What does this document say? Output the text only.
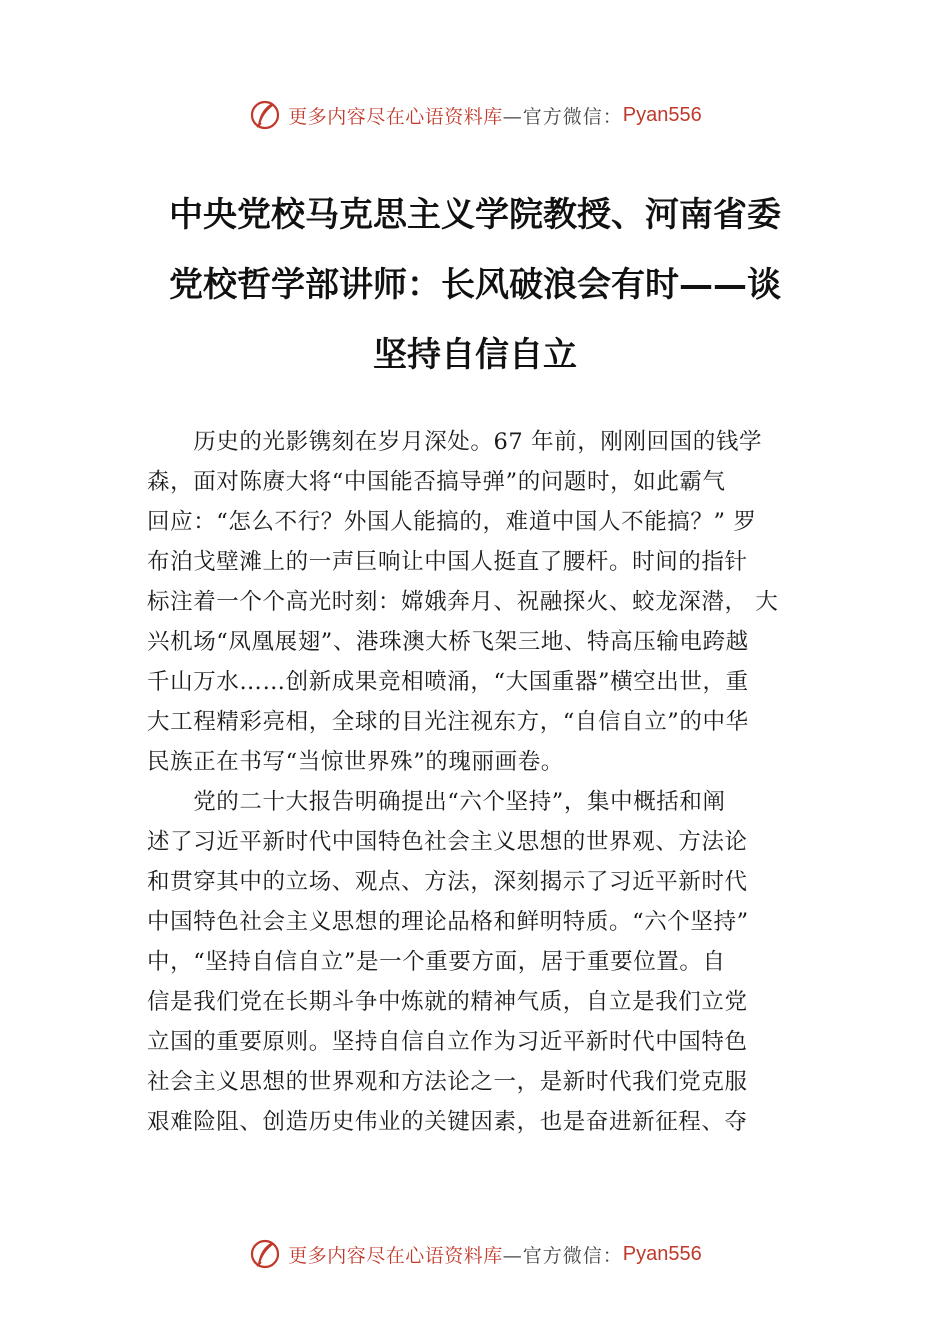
更多内容尽在心语资料库 —官方微信： Pyan556
中央党校马克思主义学院教授、河南省委
党校哲学部讲师：长风破浪会有时——谈
坚持自信自立

　　历史的光影镌刻在岁月深处。67 年前，刚刚回国的钱学
森，面对陈赓大将“中国能否搞导弹”的问题时，如此霸气
回应：“怎么不行？外国人能搞的，难道中国人不能搞？” 罗
布泊戈壁滩上的一声巨响让中国人挺直了腰杆。时间的指针
标注着一个个高光时刻：嫦娥奔月、祝融探火、蛟龙深潜， 大
兴机场“凤凰展翅”、港珠澳大桥飞架三地、特高压输电跨越
千山万水……创新成果竞相喷涌，“大国重器”横空出世，重
大工程精彩亮相，全球的目光注视东方，“自信自立”的中华
民族正在书写“当惊世界殊”的瑰丽画卷。

　　党的二十大报告明确提出“六个坚持”，集中概括和阐
述了习近平新时代中国特色社会主义思想的世界观、方法论
和贯穿其中的立场、观点、方法，深刻揭示了习近平新时代
中国特色社会主义思想的理论品格和鲜明特质。“六个坚持”
中，“坚持自信自立”是一个重要方面，居于重要位置。自
信是我们党在长期斗争中炼就的精神气质，自立是我们立党
立国的重要原则。坚持自信自立作为习近平新时代中国特色
社会主义思想的世界观和方法论之一，是新时代我们党克服
艰难险阻、创造历史伟业的关键因素，也是奋进新征程、夺

更多内容尽在心语资料库 —官方微信： Pyan556
